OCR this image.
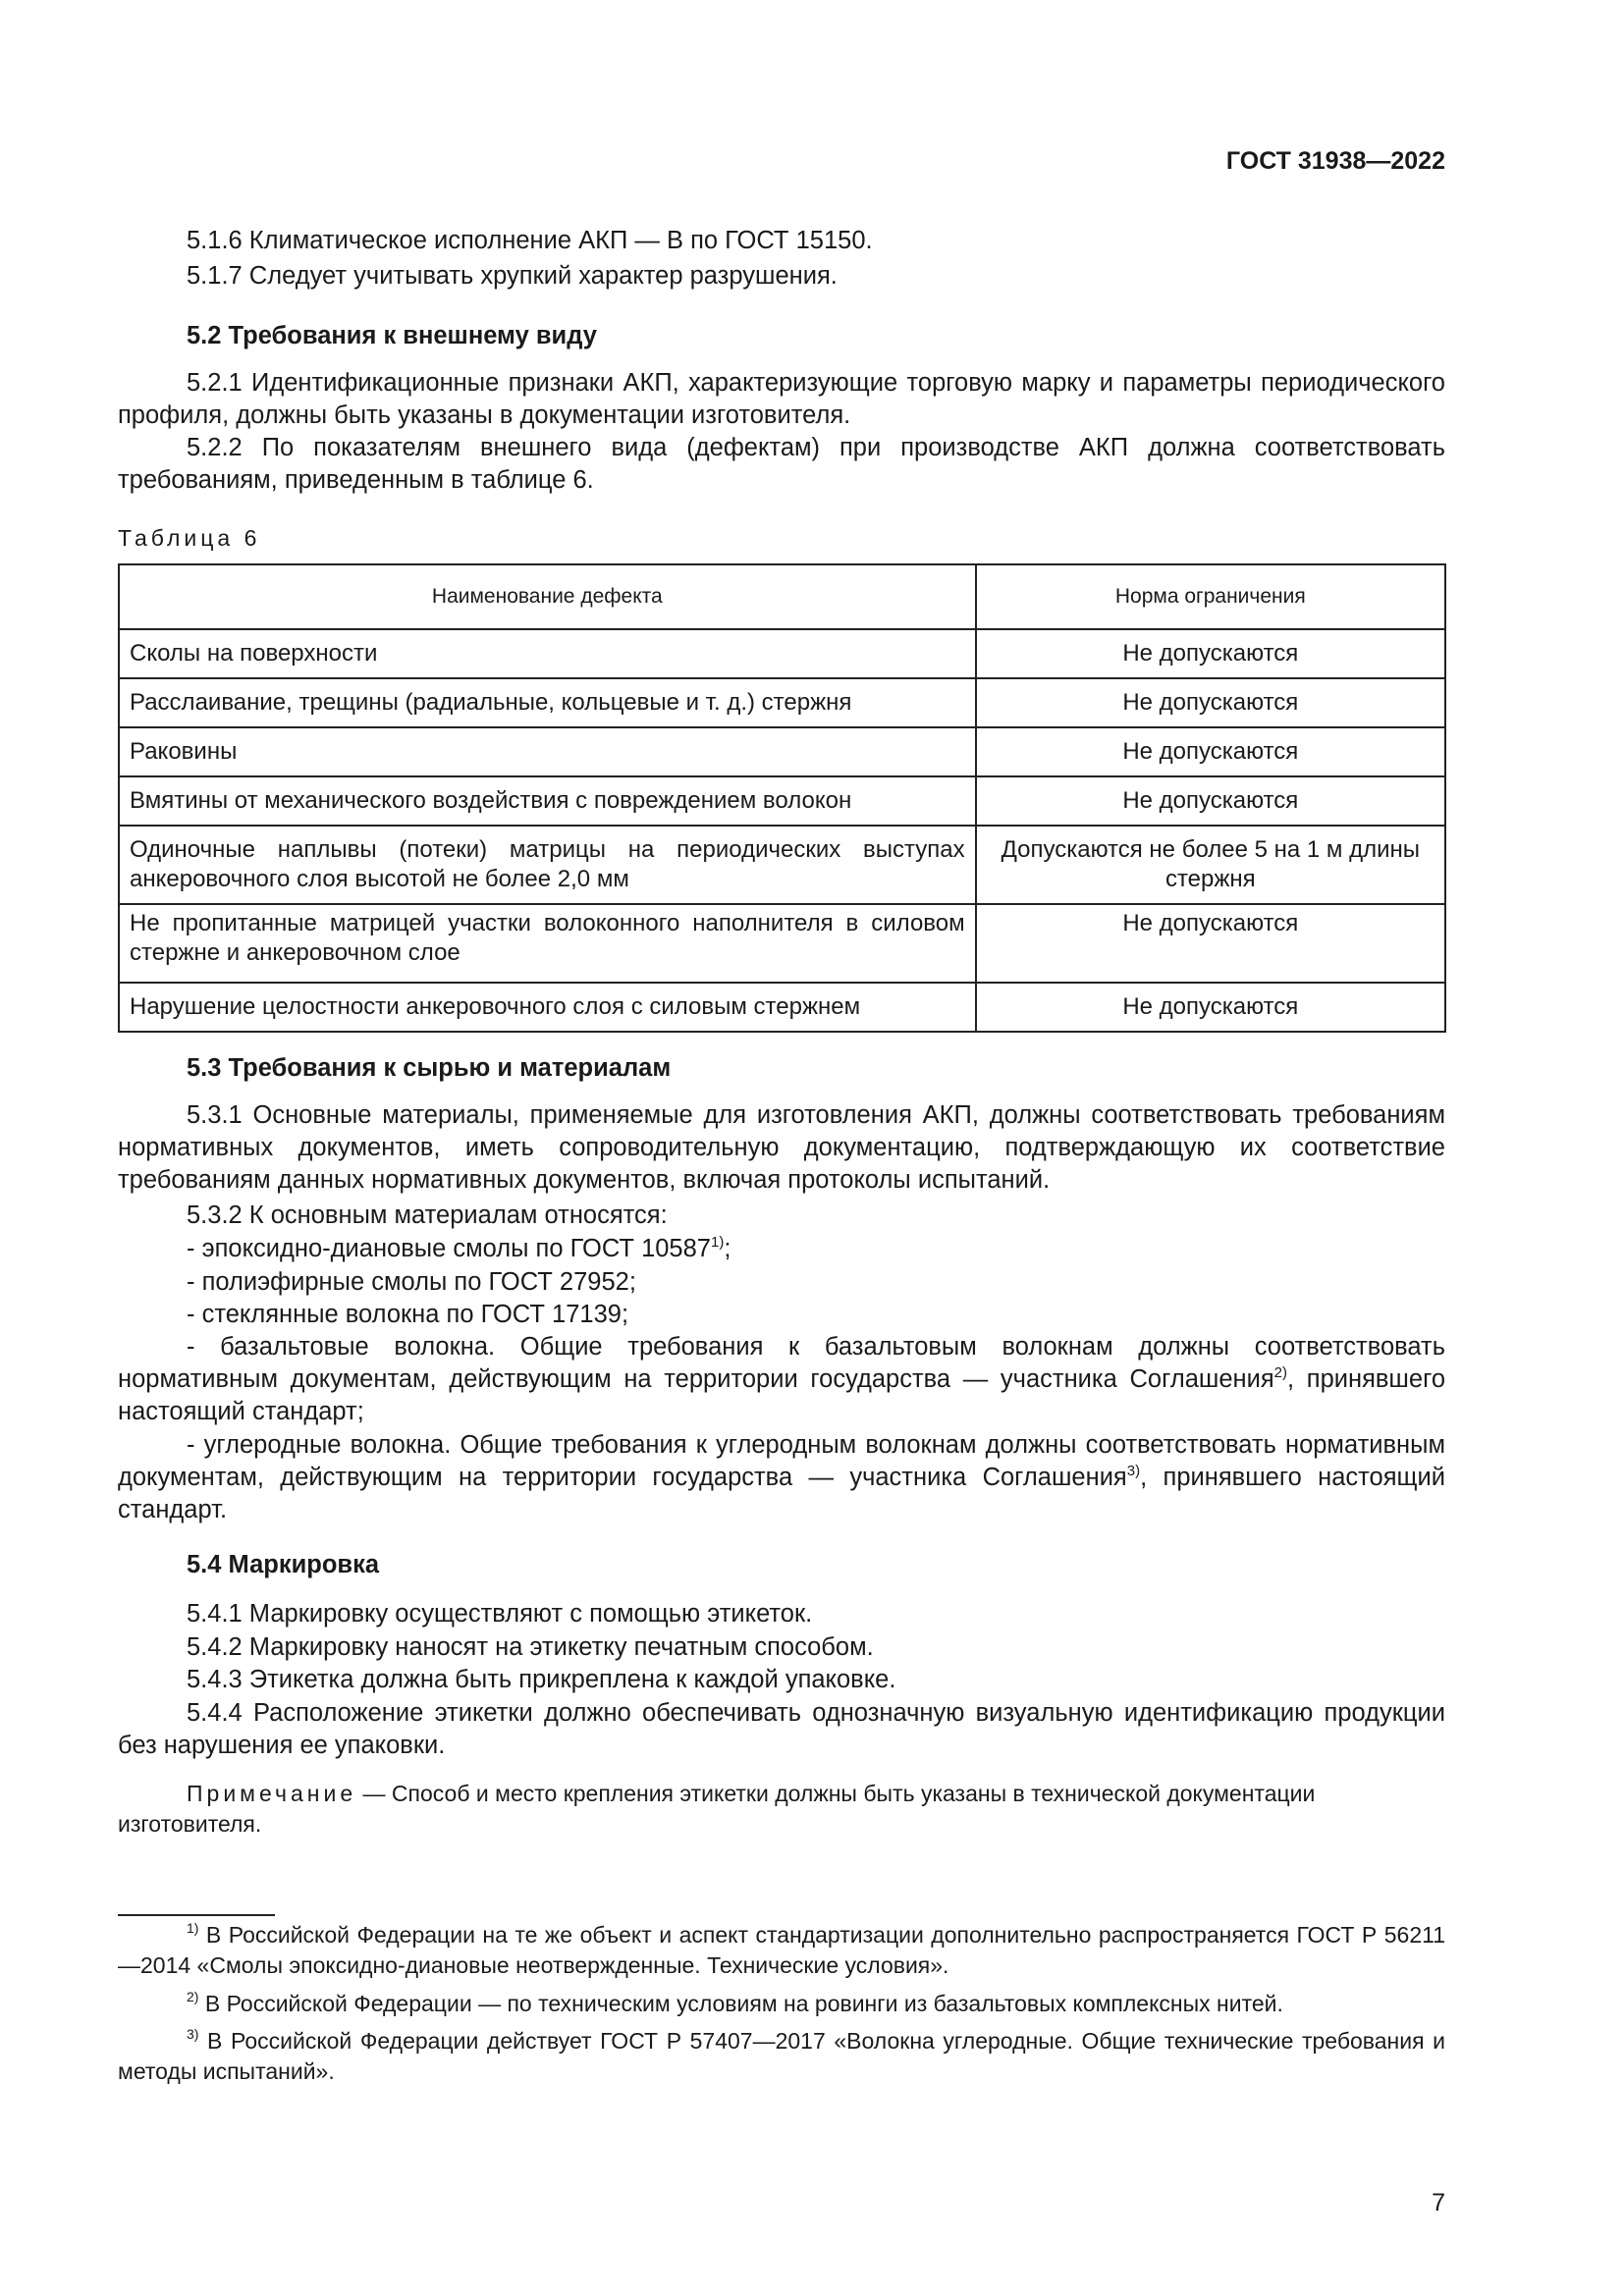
ГОСТ 31938—2022

5.1.6 Климатическое исполнение АКП — В по ГОСТ 15150.

5.1.7 Следует учитывать хрупкий характер разрушения.

5.2 Требования к внешнему виду

5.2.1 Идентификационные признаки АКП, характеризующие торговую марку и параметры периодического профиля, должны быть указаны в документации изготовителя.

5.2.2 По показателям внешнего вида (дефектам) при производстве АКП должна соответствовать требованиям, приведенным в таблице 6.

Таблица 6

Наименование дефекта	Норма ограничения
Сколы на поверхности	Не допускаются
Расслаивание, трещины (радиальные, кольцевые и т. д.) стержня	Не допускаются
Раковины	Не допускаются
Вмятины от механического воздействия с повреждением волокон	Не допускаются
Одиночные наплывы (потеки) матрицы на периодических выступах анкеровочного слоя высотой не более 2,0 мм	Допускаются не более 5 на 1 м длины стержня
Не пропитанные матрицей участки волоконного наполнителя в силовом стержне и анкеровочном слое	Не допускаются
Нарушение целостности анкеровочного слоя с силовым стержнем	Не допускаются

5.3 Требования к сырью и материалам

5.3.1 Основные материалы, применяемые для изготовления АКП, должны соответствовать требованиям нормативных документов, иметь сопроводительную документацию, подтверждающую их соответствие требованиям данных нормативных документов, включая протоколы испытаний.

5.3.2 К основным материалам относятся:

- эпоксидно-диановые смолы по ГОСТ 10587$^{1)}$;

- полиэфирные смолы по ГОСТ 27952;

- стеклянные волокна по ГОСТ 17139;

- базальтовые волокна. Общие требования к базальтовым волокнам должны соответствовать нормативным документам, действующим на территории государства — участника Соглашения$^{2)}$, принявшего настоящий стандарт;

- углеродные волокна. Общие требования к углеродным волокнам должны соответствовать нормативным документам, действующим на территории государства — участника Соглашения$^{3)}$, принявшего настоящий стандарт.

5.4 Маркировка

5.4.1 Маркировку осуществляют с помощью этикеток.

5.4.2 Маркировку наносят на этикетку печатным способом.

5.4.3 Этикетка должна быть прикреплена к каждой упаковке.

5.4.4 Расположение этикетки должно обеспечивать однозначную визуальную идентификацию продукции без нарушения ее упаковки.

Примечание — Способ и место крепления этикетки должны быть указаны в технической документации изготовителя.

$^{1)}$ В Российской Федерации на те же объект и аспект стандартизации дополнительно распространяется ГОСТ Р 56211—2014 «Смолы эпоксидно-диановые неотвержденные. Технические условия».

$^{2)}$ В Российской Федерации — по техническим условиям на ровинги из базальтовых комплексных нитей.

$^{3)}$ В Российской Федерации действует ГОСТ Р 57407—2017 «Волокна углеродные. Общие технические требования и методы испытаний».

7
